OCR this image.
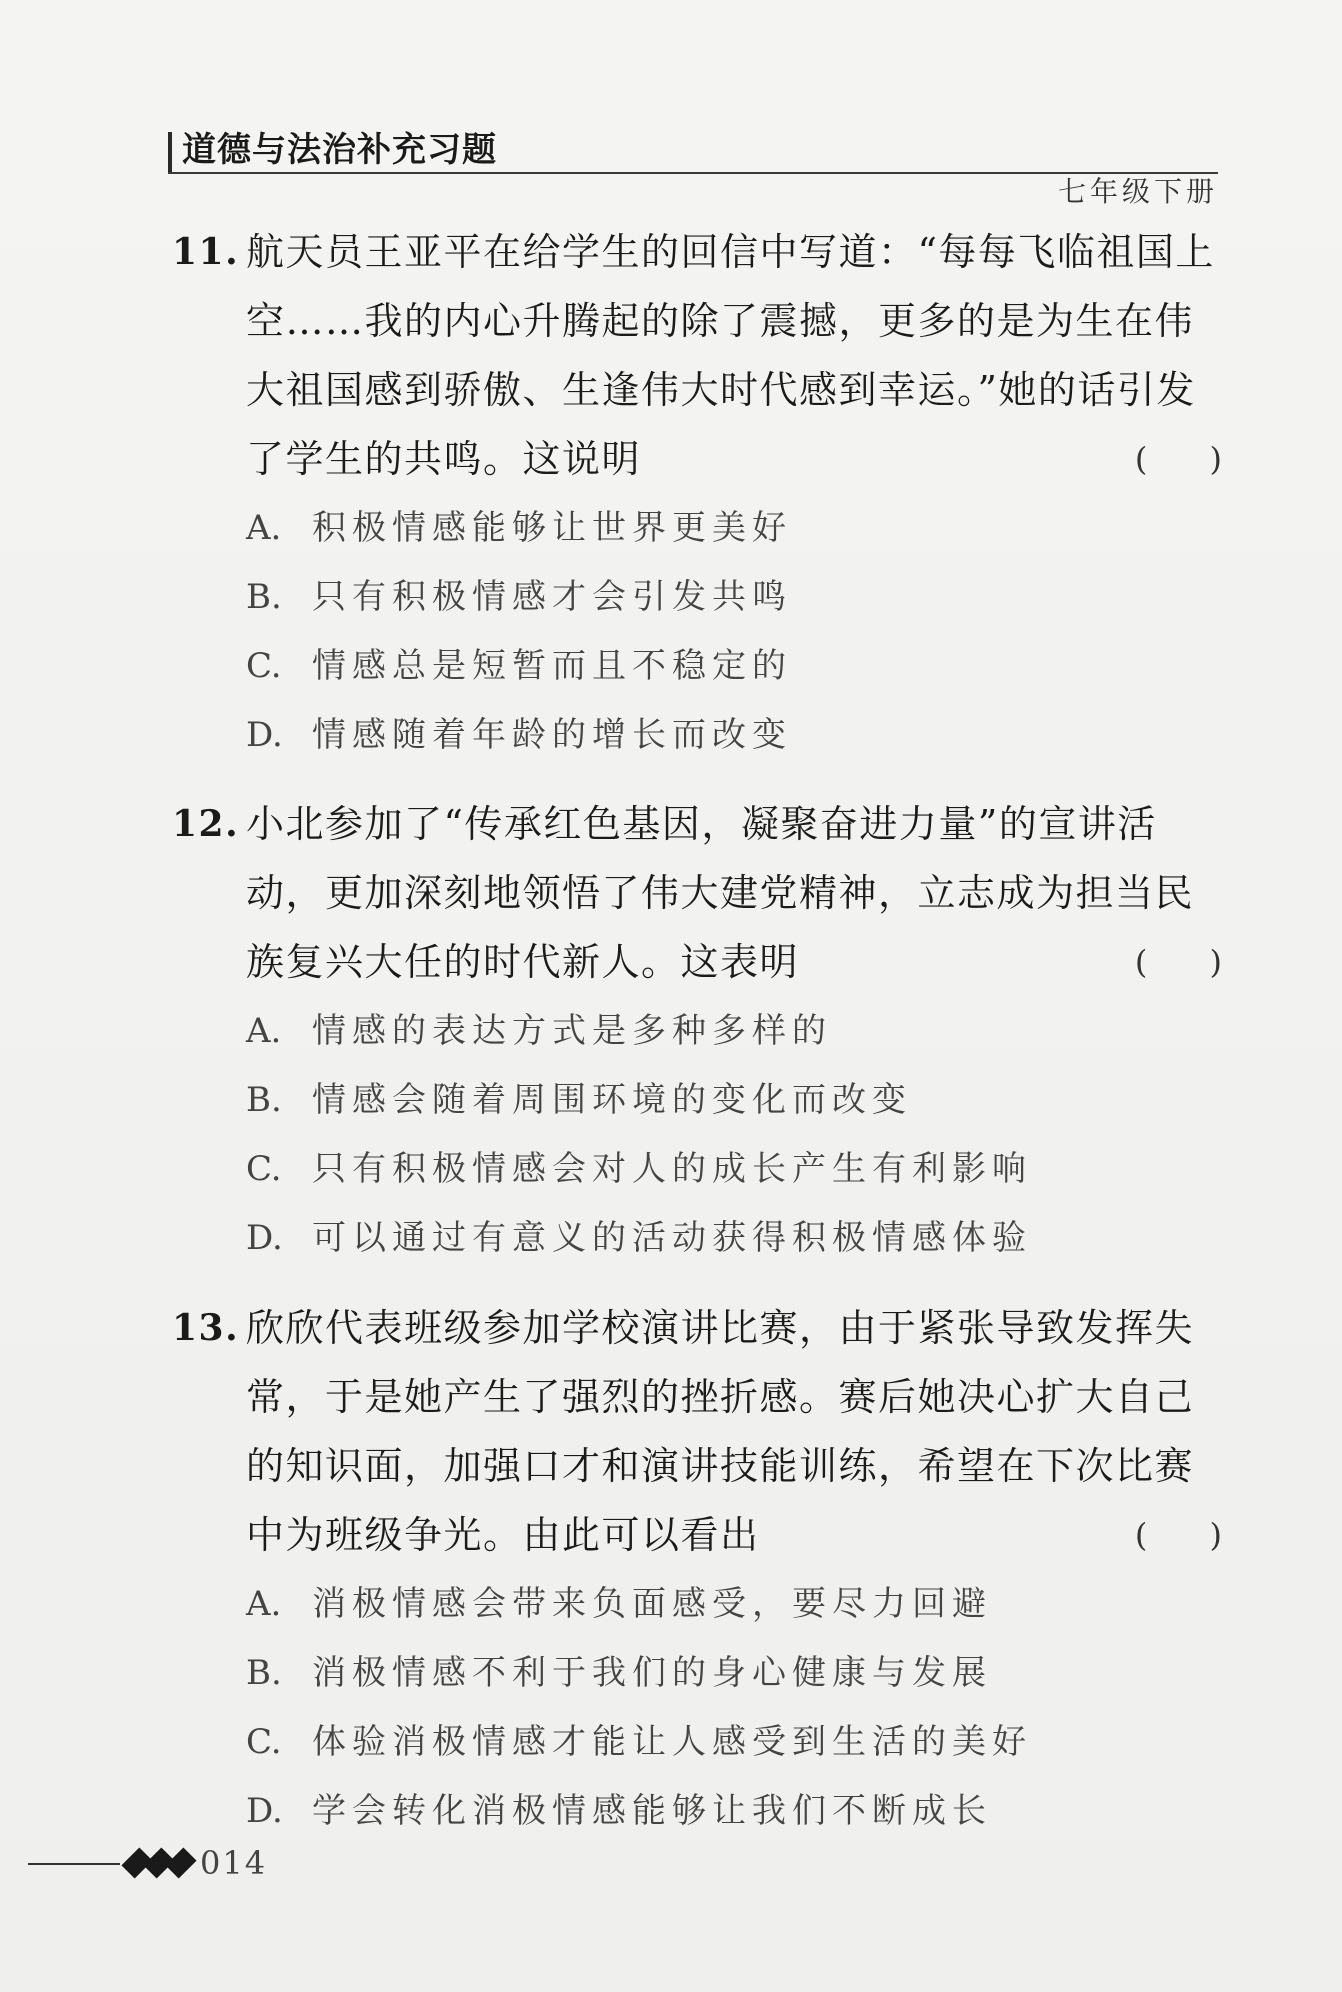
道德与法治补充习题
七年级下册
11. 航天员王亚平在给学生的回信中写道：“每每飞临祖国上空……我的内心升腾起的除了震撼，更多的是为生在伟大祖国感到骄傲、生逢伟大时代感到幸运。”她的话引发了学生的共鸣。这说明	( )
A. 积极情感能够让世界更美好
B. 只有积极情感才会引发共鸣
C. 情感总是短暂而且不稳定的
D. 情感随着年龄的增长而改变
12. 小北参加了“传承红色基因，凝聚奋进力量”的宣讲活动，更加深刻地领悟了伟大建党精神，立志成为担当民族复兴大任的时代新人。这表明	( )
A. 情感的表达方式是多种多样的
B. 情感会随着周围环境的变化而改变
C. 只有积极情感会对人的成长产生有利影响
D. 可以通过有意义的活动获得积极情感体验
13. 欣欣代表班级参加学校演讲比赛，由于紧张导致发挥失常，于是她产生了强烈的挫折感。赛后她决心扩大自己的知识面，加强口才和演讲技能训练，希望在下次比赛中为班级争光。由此可以看出	( )
A. 消极情感会带来负面感受，要尽力回避
B. 消极情感不利于我们的身心健康与发展
C. 体验消极情感才能让人感受到生活的美好
D. 学会转化消极情感能够让我们不断成长
014
